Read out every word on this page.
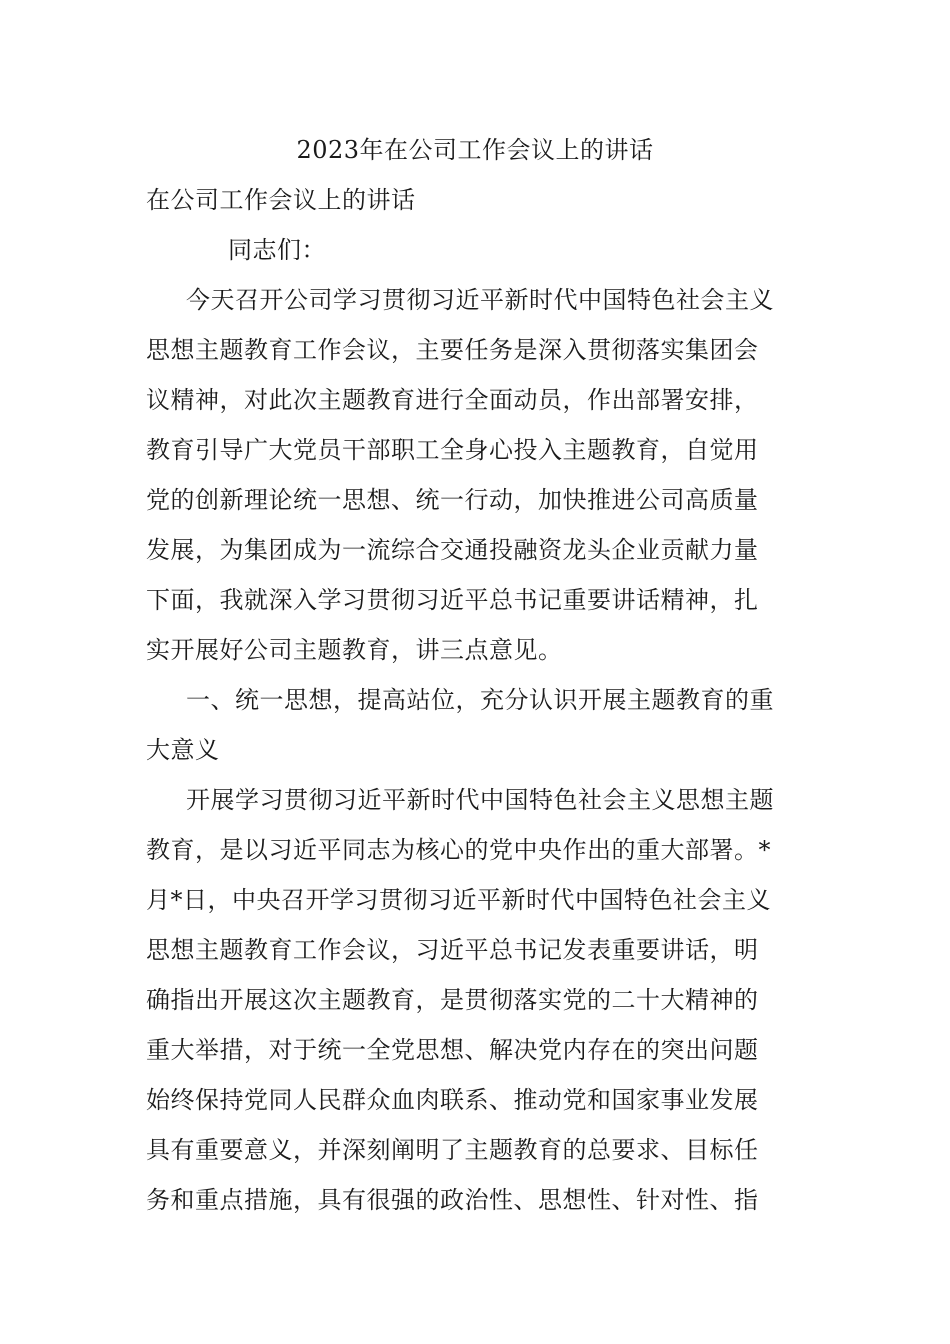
2023年在公司工作会议上的讲话
在公司工作会议上的讲话
同志们：
今天召开公司学习贯彻习近平新时代中国特色社会主义
思想主题教育工作会议，主要任务是深入贯彻落实集团会
议精神，对此次主题教育进行全面动员，作出部署安排，
教育引导广大党员干部职工全身心投入主题教育，自觉用
党的创新理论统一思想、统一行动，加快推进公司高质量
发展，为集团成为一流综合交通投融资龙头企业贡献力量
下面，我就深入学习贯彻习近平总书记重要讲话精神，扎
实开展好公司主题教育，讲三点意见。
一、统一思想，提高站位，充分认识开展主题教育的重
大意义
开展学习贯彻习近平新时代中国特色社会主义思想主题
教育，是以习近平同志为核心的党中央作出的重大部署。*
月*日，中央召开学习贯彻习近平新时代中国特色社会主义
思想主题教育工作会议，习近平总书记发表重要讲话，明
确指出开展这次主题教育，是贯彻落实党的二十大精神的
重大举措，对于统一全党思想、解决党内存在的突出问题
始终保持党同人民群众血肉联系、推动党和国家事业发展
具有重要意义，并深刻阐明了主题教育的总要求、目标任
务和重点措施，具有很强的政治性、思想性、针对性、指
